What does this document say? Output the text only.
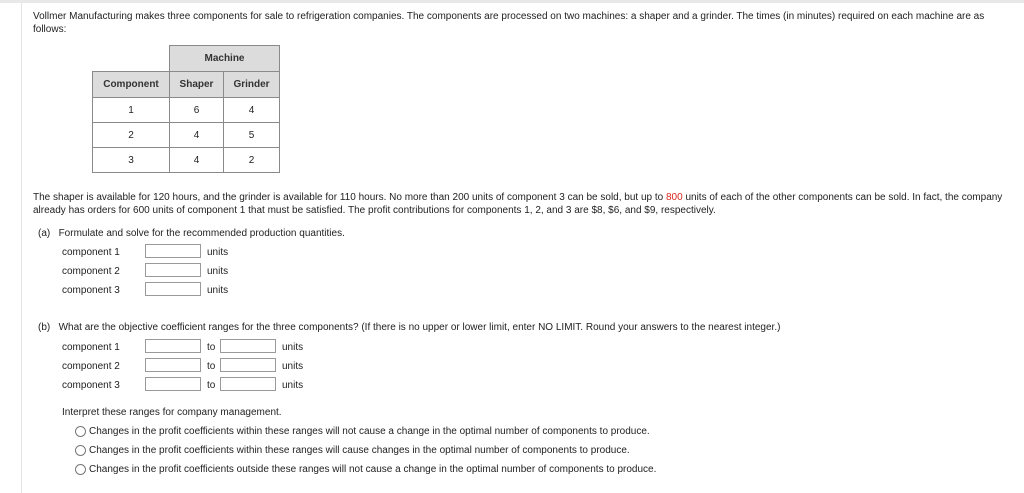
Vollmer Manufacturing makes three components for sale to refrigeration companies. The components are processed on two machines: a shaper and a grinder. The times (in minutes) required on each machine are as follows:
	Machine	
Component	Shaper	Grinder
1	6	4
2	4	5
3	4	2
The shaper is available for 120 hours, and the grinder is available for 110 hours. No more than 200 units of component 3 can be sold, but up to 800 units of each of the other components can be sold. In fact, the company already has orders for 600 units of component 1 that must be satisfied. The profit contributions for components 1, 2, and 3 are $8, $6, and $9, respectively.
(a) Formulate and solve for the recommended production quantities.
component 1	units
component 2	units
component 3	units
(b) What are the objective coefficient ranges for the three components? (If there is no upper or lower limit, enter NO LIMIT. Round your answers to the nearest integer.)
component 1	to	units
component 2	to	units
component 3	to	units
Interpret these ranges for company management.
Changes in the profit coefficients within these ranges will not cause a change in the optimal number of components to produce.
Changes in the profit coefficients within these ranges will cause changes in the optimal number of components to produce.
Changes in the profit coefficients outside these ranges will not cause a change in the optimal number of components to produce.
